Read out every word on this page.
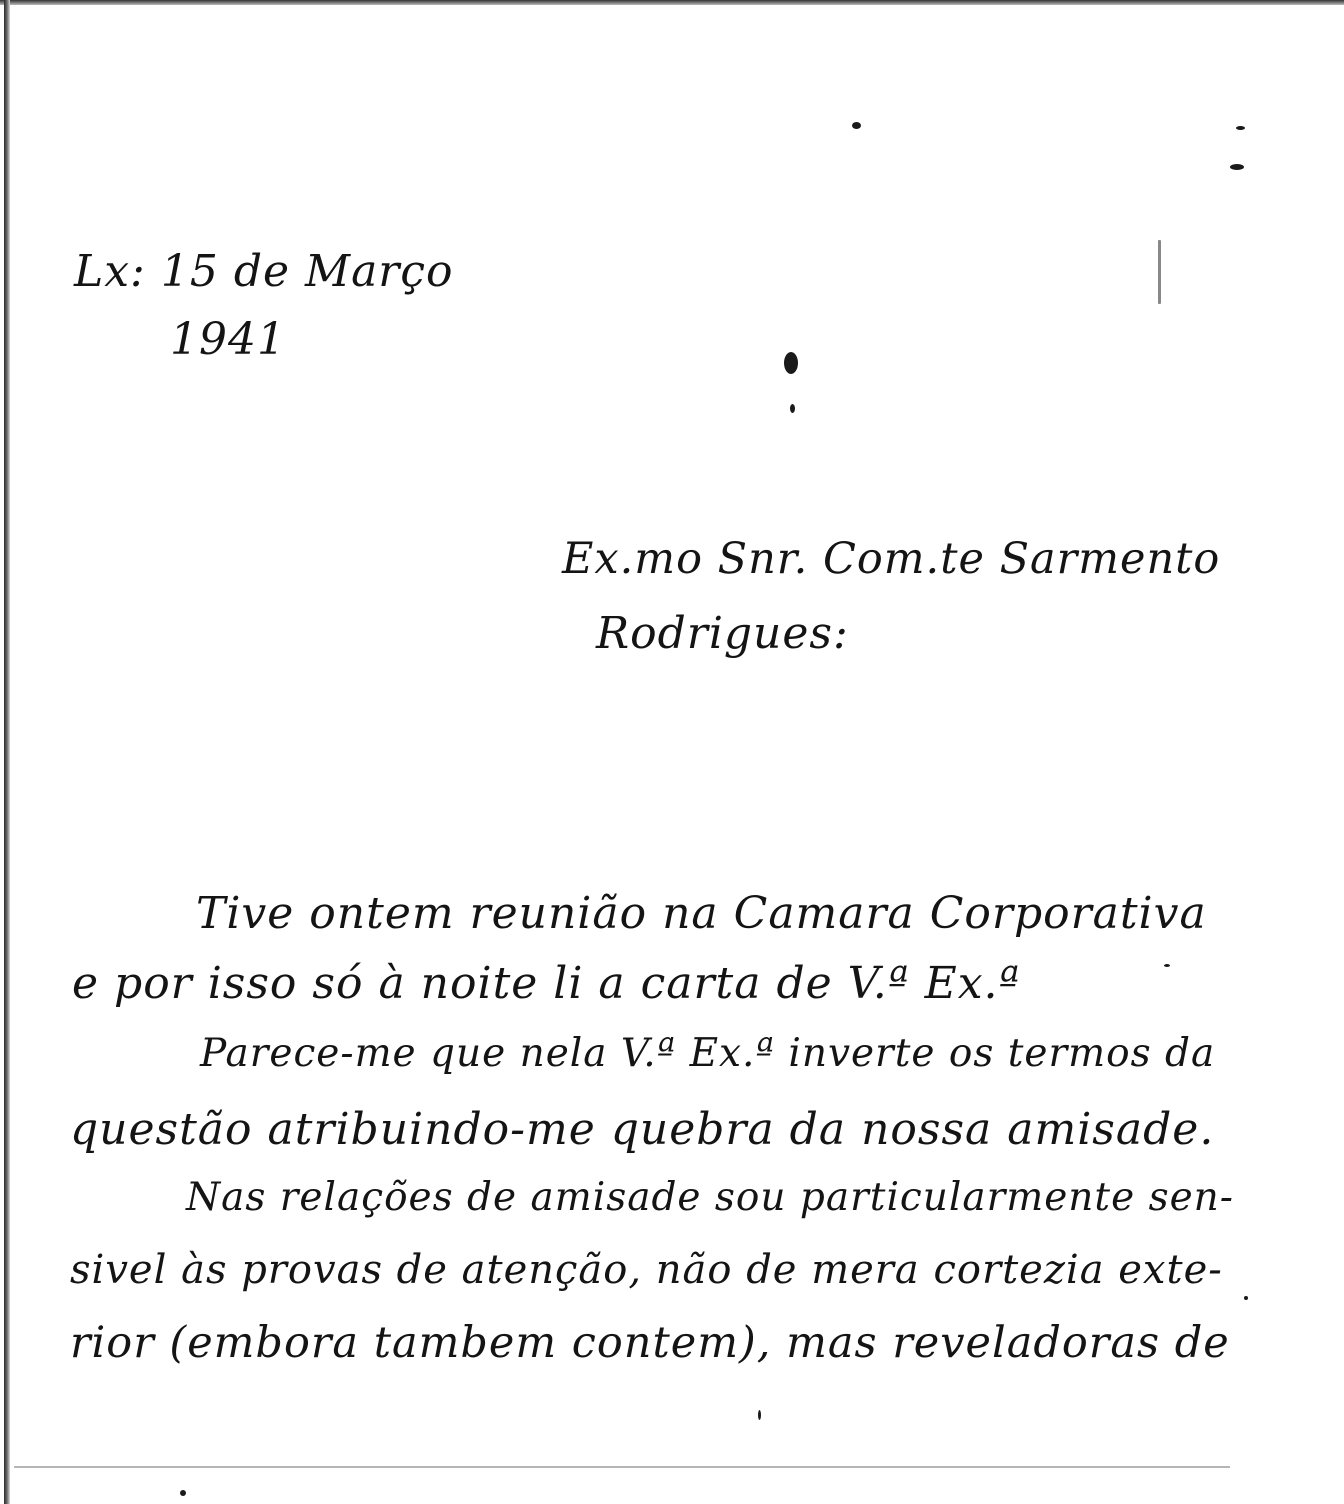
Lx: 15 de Março
1941
Ex.mo Snr. Com.te Sarmento
Rodrigues:
Tive ontem reunião na Camara Corporativa
e por isso só à noite li a carta de V.ª Ex.ª
Parece-me que nela V.ª Ex.ª inverte os termos da
questão atribuindo-me quebra da nossa amisade.
Nas relações de amisade sou particularmente sen-
sivel às provas de atenção, não de mera cortezia exte-
rior (embora tambem contem), mas reveladoras de
